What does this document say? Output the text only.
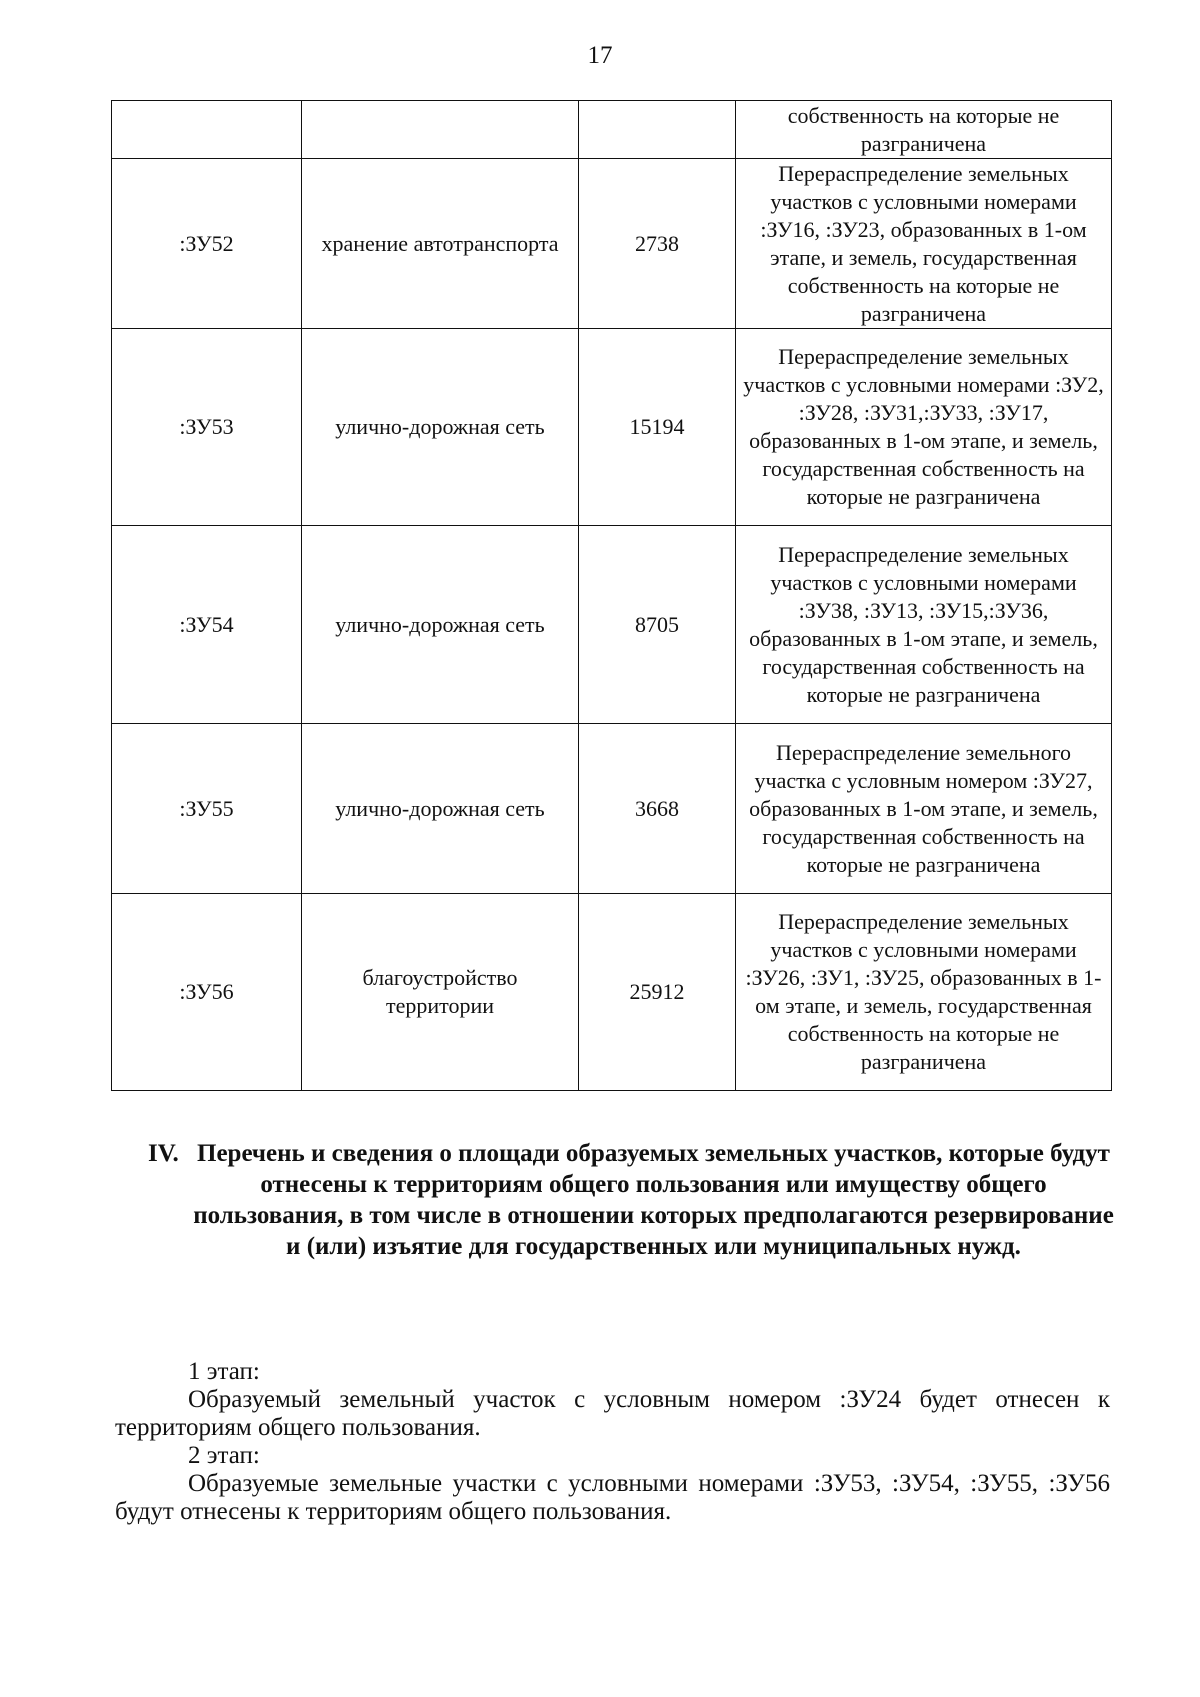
17
			собственность на которые не разграничена
:ЗУ52	хранение автотранспорта	2738	Перераспределение земельных участков с условными номерами :ЗУ16, :ЗУ23, образованных в 1-ом этапе, и земель, государственная собственность на которые не разграничена
:ЗУ53	улично-дорожная сеть	15194	Перераспределение земельных участков с условными номерами :ЗУ2, :ЗУ28, :ЗУ31,:ЗУ33, :ЗУ17, образованных в 1-ом этапе, и земель, государственная собственность на которые не разграничена
:ЗУ54	улично-дорожная сеть	8705	Перераспределение земельных участков с условными номерами :ЗУ38, :ЗУ13, :ЗУ15,:ЗУ36, образованных в 1-ом этапе, и земель, государственная собственность на которые не разграничена
:ЗУ55	улично-дорожная сеть	3668	Перераспределение земельного участка с условным номером :ЗУ27, образованных в 1-ом этапе, и земель, государственная собственность на которые не разграничена
:ЗУ56	благоустройство территории	25912	Перераспределение земельных участков с условными номерами :ЗУ26, :ЗУ1, :ЗУ25, образованных в 1-ом этапе, и земель, государственная собственность на которые не разграничена
IV. Перечень и сведения о площади образуемых земельных участков, которые будут отнесены к территориям общего пользования или имуществу общего пользования, в том числе в отношении которых предполагаются резервирование и (или) изъятие для государственных или муниципальных нужд.

1 этап:

Образуемый земельный участок с условным номером :ЗУ24 будет отнесен к территориям общего пользования.

2 этап:

Образуемые земельные участки с условными номерами :ЗУ53, :ЗУ54, :ЗУ55, :ЗУ56 будут отнесены к территориям общего пользования.
